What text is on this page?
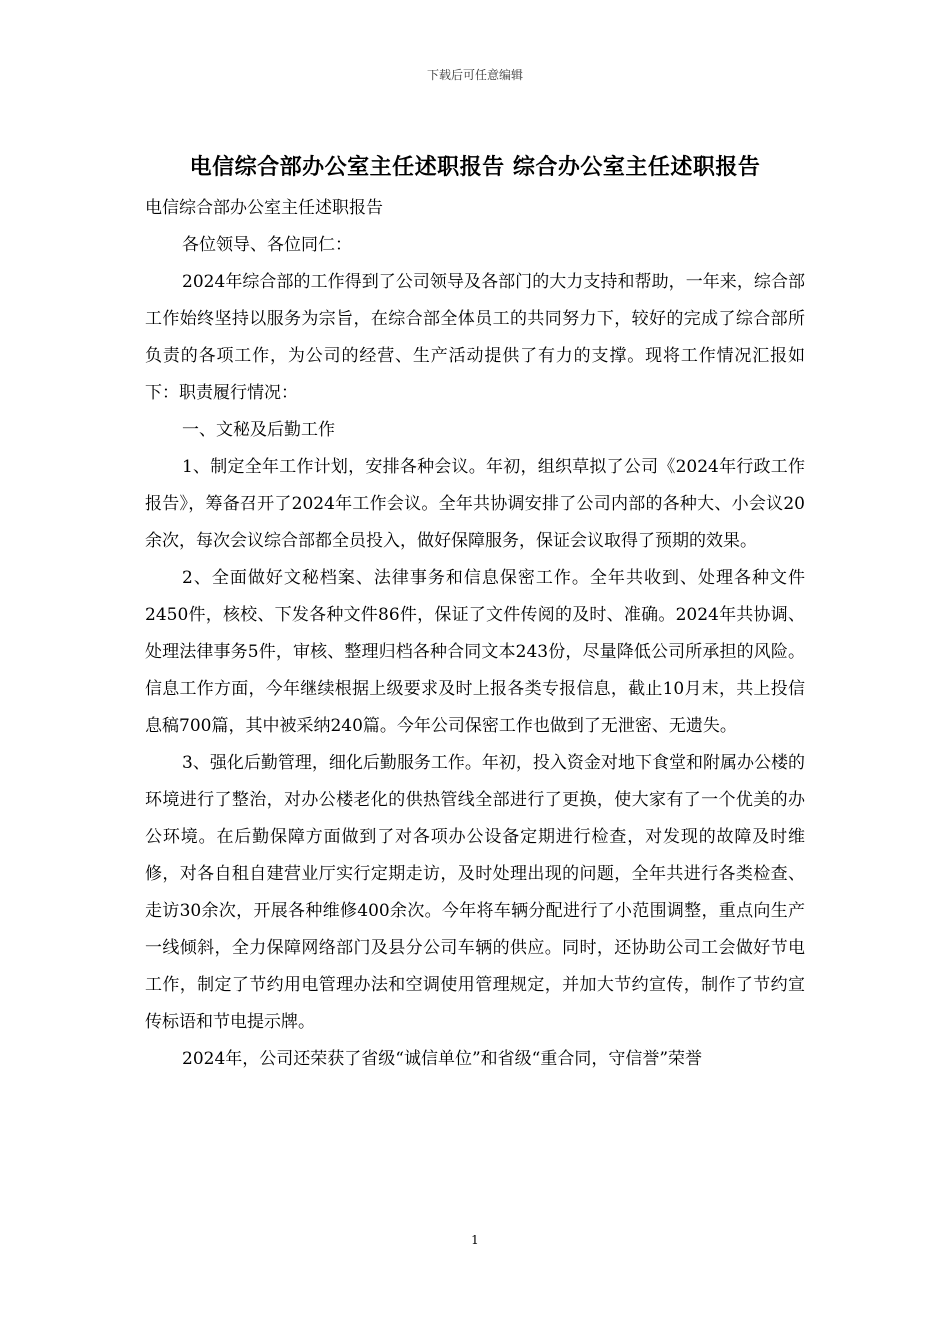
下载后可任意编辑
电信综合部办公室主任述职报告 综合办公室主任述职报告

电信综合部办公室主任述职报告

各位领导、各位同仁：

2024年综合部的工作得到了公司领导及各部门的大力支持和帮助，一年来，综合部工作始终坚持以服务为宗旨，在综合部全体员工的共同努力下，较好的完成了综合部所负责的各项工作，为公司的经营、生产活动提供了有力的支撑。现将工作情况汇报如下：职责履行情况：

一、文秘及后勤工作

1、制定全年工作计划，安排各种会议。年初，组织草拟了公司《2024年行政工作报告》，筹备召开了2024年工作会议。全年共协调安排了公司内部的各种大、小会议20余次，每次会议综合部都全员投入，做好保障服务，保证会议取得了预期的效果。

2、全面做好文秘档案、法律事务和信息保密工作。全年共收到、处理各种文件2450件，核校、下发各种文件86件，保证了文件传阅的及时、准确。2024年共协调、处理法律事务5件，审核、整理归档各种合同文本243份，尽量降低公司所承担的风险。信息工作方面，今年继续根据上级要求及时上报各类专报信息，截止10月末，共上投信息稿700篇，其中被采纳240篇。今年公司保密工作也做到了无泄密、无遗失。

3、强化后勤管理，细化后勤服务工作。年初，投入资金对地下食堂和附属办公楼的环境进行了整治，对办公楼老化的供热管线全部进行了更换，使大家有了一个优美的办公环境。在后勤保障方面做到了对各项办公设备定期进行检查，对发现的故障及时维修，对各自租自建营业厅实行定期走访，及时处理出现的问题，全年共进行各类检查、走访30余次，开展各种维修400余次。今年将车辆分配进行了小范围调整，重点向生产一线倾斜，全力保障网络部门及县分公司车辆的供应。同时，还协助公司工会做好节电工作，制定了节约用电管理办法和空调使用管理规定，并加大节约宣传，制作了节约宣传标语和节电提示牌。

2024年，公司还荣获了省级“诚信单位”和省级“重合同，守信誉”荣誉

1
